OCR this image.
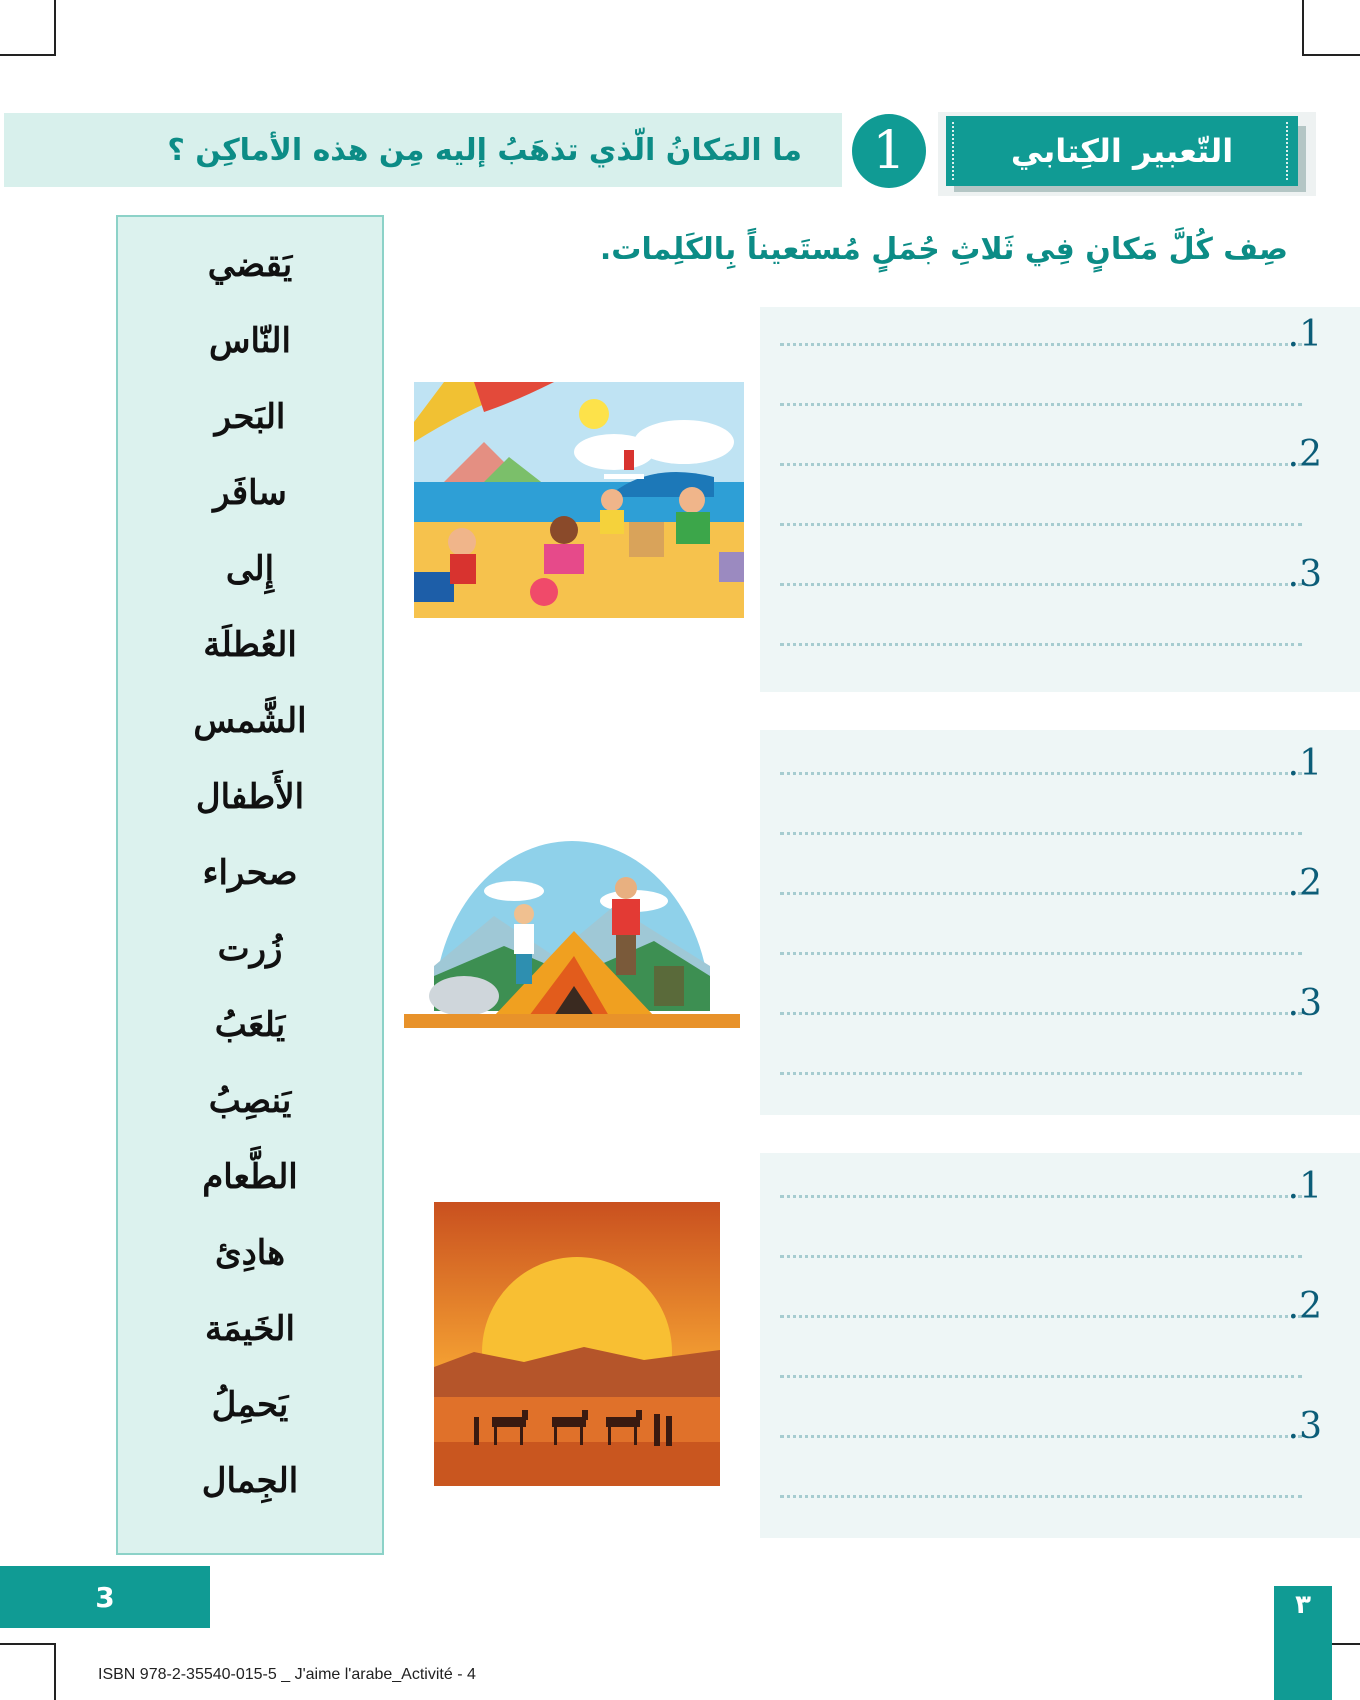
ما المَكانُ الّذي تذهَبُ إليه مِن هذه الأماكِن ؟	1	التّعبير الكِتابي
صِف كُلَّ مَكانٍ فِي ثَلاثِ جُمَلٍ مُستَعيناً بِالكَلِمات.
يَقضي
النّاس
البَحر
سافَر
إِلى
العُطلَة
الشَّمس
الأَطفال
صحراء
زُرت
يَلعَبُ
يَنصِبُ
الطَّعام
هادِئ
الخَيمَة
يَحمِلُ
الجِمال
.1
.2
.3
.1
.2
.3
.1
.2
.3
3	٣
ISBN 978-2-35540-015-5 _ J'aime l'arabe_Activité - 4
